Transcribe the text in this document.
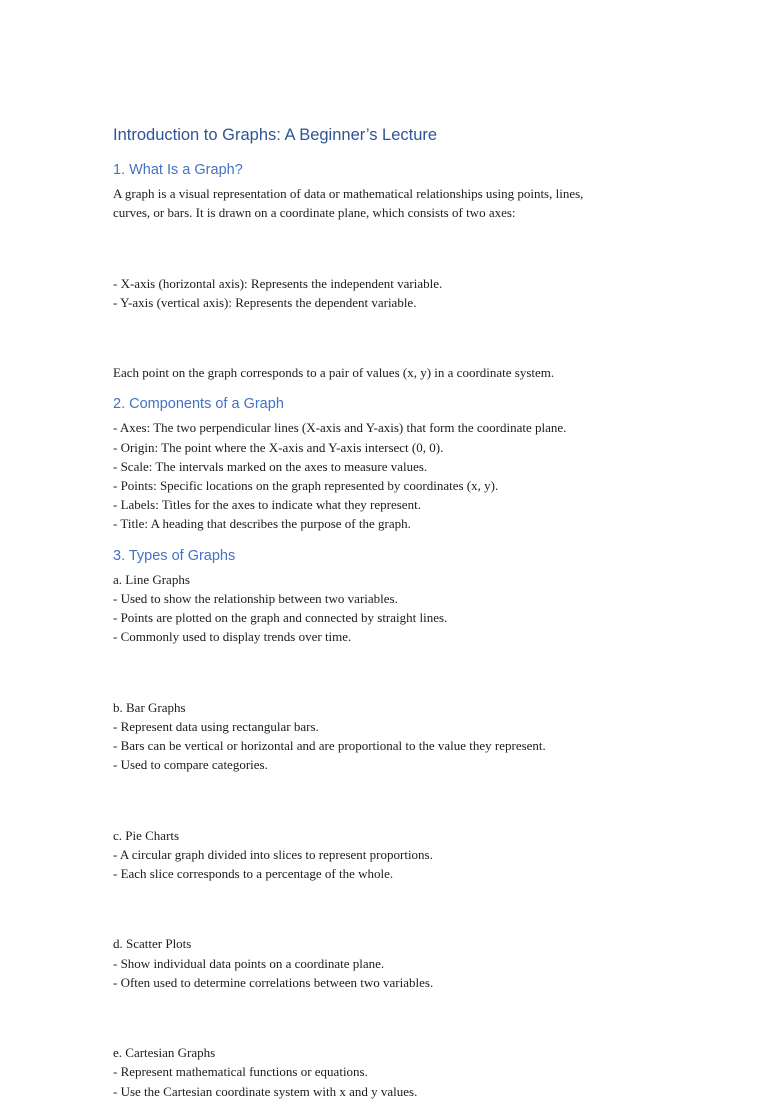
Introduction to Graphs: A Beginner’s Lecture
1. What Is a Graph?

A graph is a visual representation of data or mathematical relationships using points, lines,

curves, or bars. It is drawn on a coordinate plane, which consists of two axes:

- X-axis (horizontal axis): Represents the independent variable.

- Y-axis (vertical axis): Represents the dependent variable.

Each point on the graph corresponds to a pair of values (x, y) in a coordinate system.

2. Components of a Graph

- Axes: The two perpendicular lines (X-axis and Y-axis) that form the coordinate plane.

- Origin: The point where the X-axis and Y-axis intersect (0, 0).

- Scale: The intervals marked on the axes to measure values.

- Points: Specific locations on the graph represented by coordinates (x, y).

- Labels: Titles for the axes to indicate what they represent.

- Title: A heading that describes the purpose of the graph.

3. Types of Graphs

a. Line Graphs

- Used to show the relationship between two variables.

- Points are plotted on the graph and connected by straight lines.

- Commonly used to display trends over time.

b. Bar Graphs

- Represent data using rectangular bars.

- Bars can be vertical or horizontal and are proportional to the value they represent.

- Used to compare categories.

c. Pie Charts

- A circular graph divided into slices to represent proportions.

- Each slice corresponds to a percentage of the whole.

d. Scatter Plots

- Show individual data points on a coordinate plane.

- Often used to determine correlations between two variables.

e. Cartesian Graphs

- Represent mathematical functions or equations.

- Use the Cartesian coordinate system with x and y values.
